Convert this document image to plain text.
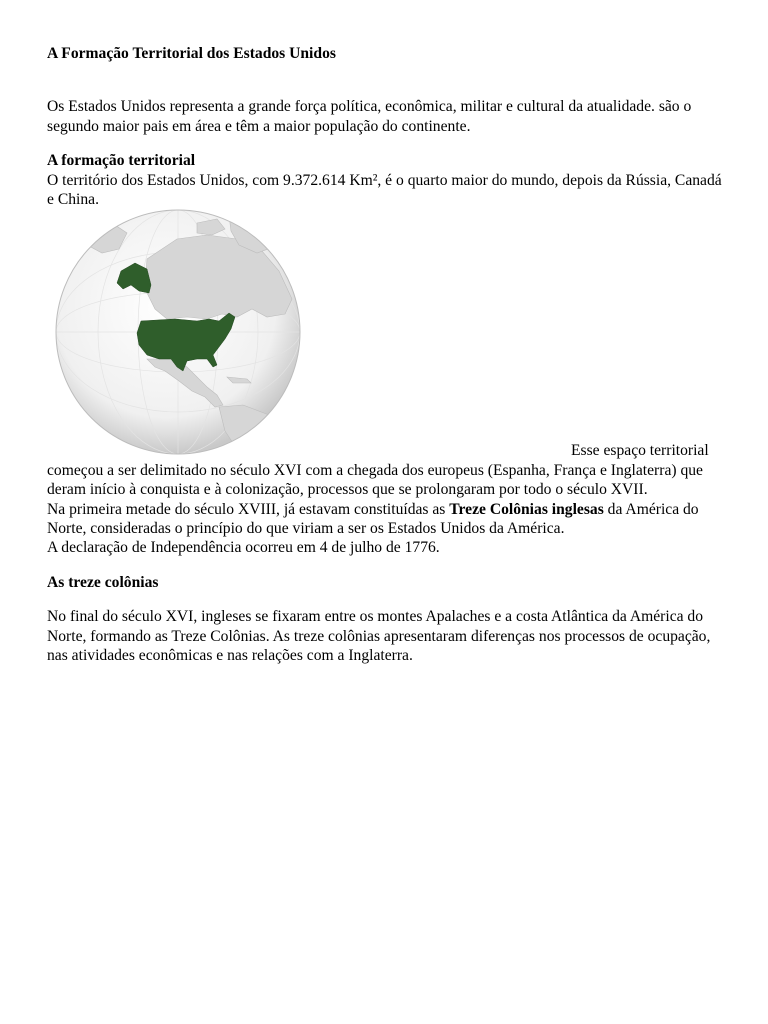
A Formação Territorial dos Estados Unidos

Os Estados Unidos representa a grande força política, econômica, militar e cultural da atualidade. são o segundo maior pais em área e têm a maior população do continente.

A formação territorial

O território dos Estados Unidos, com 9.372.614 Km², é o quarto maior do mundo, depois da Rússia, Canadá e China.

Esse espaço territorial começou a ser delimitado no século XVI com a chegada dos europeus (Espanha, França e Inglaterra) que deram início à conquista e à colonização, processos que se prolongaram por todo o século XVII.

Na primeira metade do século XVIII, já estavam constituídas as Treze Colônias inglesas da América do Norte, consideradas o princípio do que viriam a ser os Estados Unidos da América.

A declaração de Independência ocorreu em 4 de julho de 1776.

As treze colônias

No final do século XVI, ingleses se fixaram entre os montes Apalaches e a costa Atlântica da América do Norte, formando as Treze Colônias. As treze colônias apresentaram diferenças nos processos de ocupação, nas atividades econômicas e nas relações com a Inglaterra.
